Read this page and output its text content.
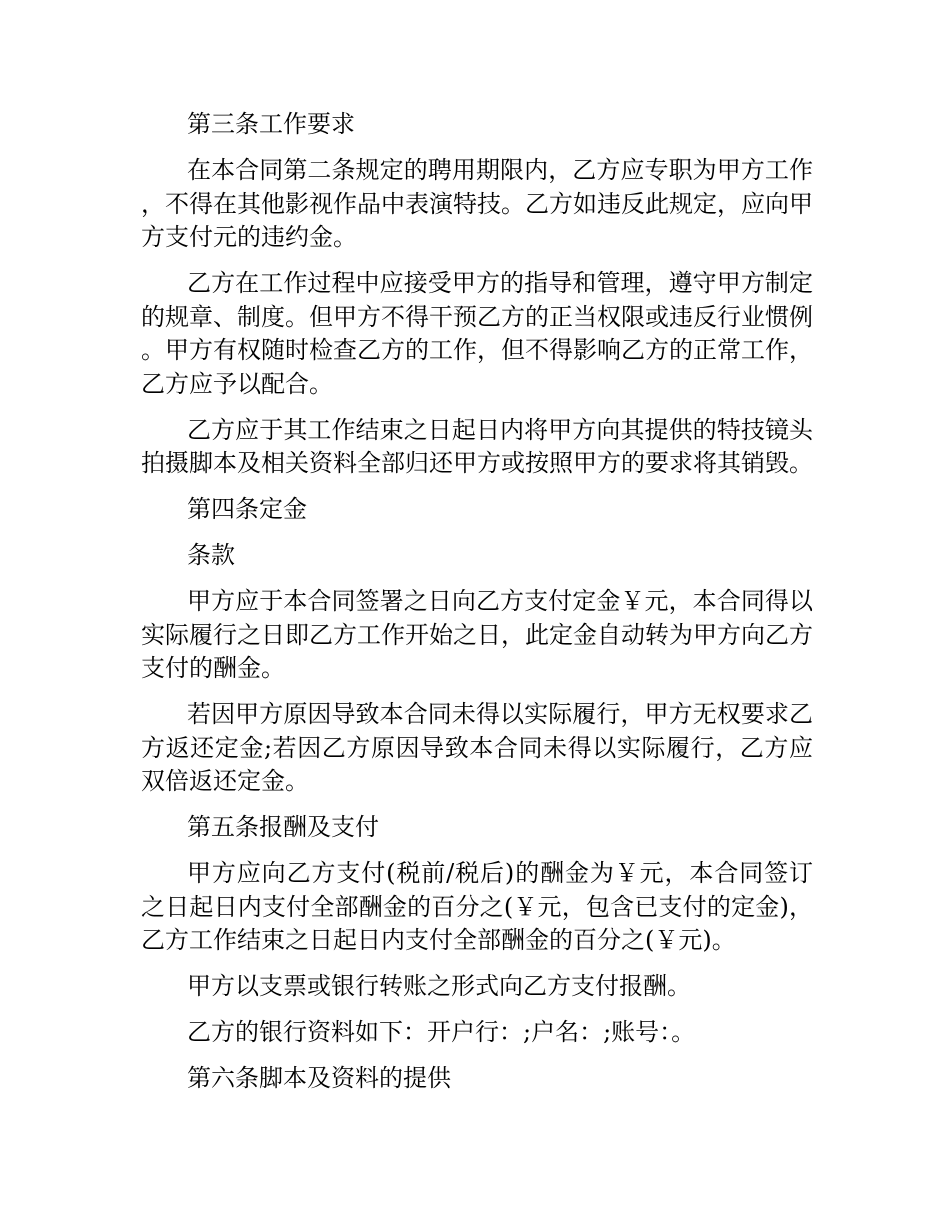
第三条工作要求

在本合同第二条规定的聘用期限内，乙方应专职为甲方工作，不得在其他影视作品中表演特技。乙方如违反此规定，应向甲方支付元的违约金。

乙方在工作过程中应接受甲方的指导和管理，遵守甲方制定的规章、制度。但甲方不得干预乙方的正当权限或违反行业惯例。甲方有权随时检查乙方的工作，但不得影响乙方的正常工作，乙方应予以配合。

乙方应于其工作结束之日起日内将甲方向其提供的特技镜头拍摄脚本及相关资料全部归还甲方或按照甲方的要求将其销毁。

第四条定金

条款

甲方应于本合同签署之日向乙方支付定金￥元，本合同得以实际履行之日即乙方工作开始之日，此定金自动转为甲方向乙方支付的酬金。

若因甲方原因导致本合同未得以实际履行，甲方无权要求乙方返还定金;若因乙方原因导致本合同未得以实际履行，乙方应双倍返还定金。

第五条报酬及支付

甲方应向乙方支付(税前/税后)的酬金为￥元，本合同签订之日起日内支付全部酬金的百分之(￥元，包含已支付的定金)，乙方工作结束之日起日内支付全部酬金的百分之(￥元)。

甲方以支票或银行转账之形式向乙方支付报酬。

乙方的银行资料如下：开户行：;户名：;账号：。

第六条脚本及资料的提供
